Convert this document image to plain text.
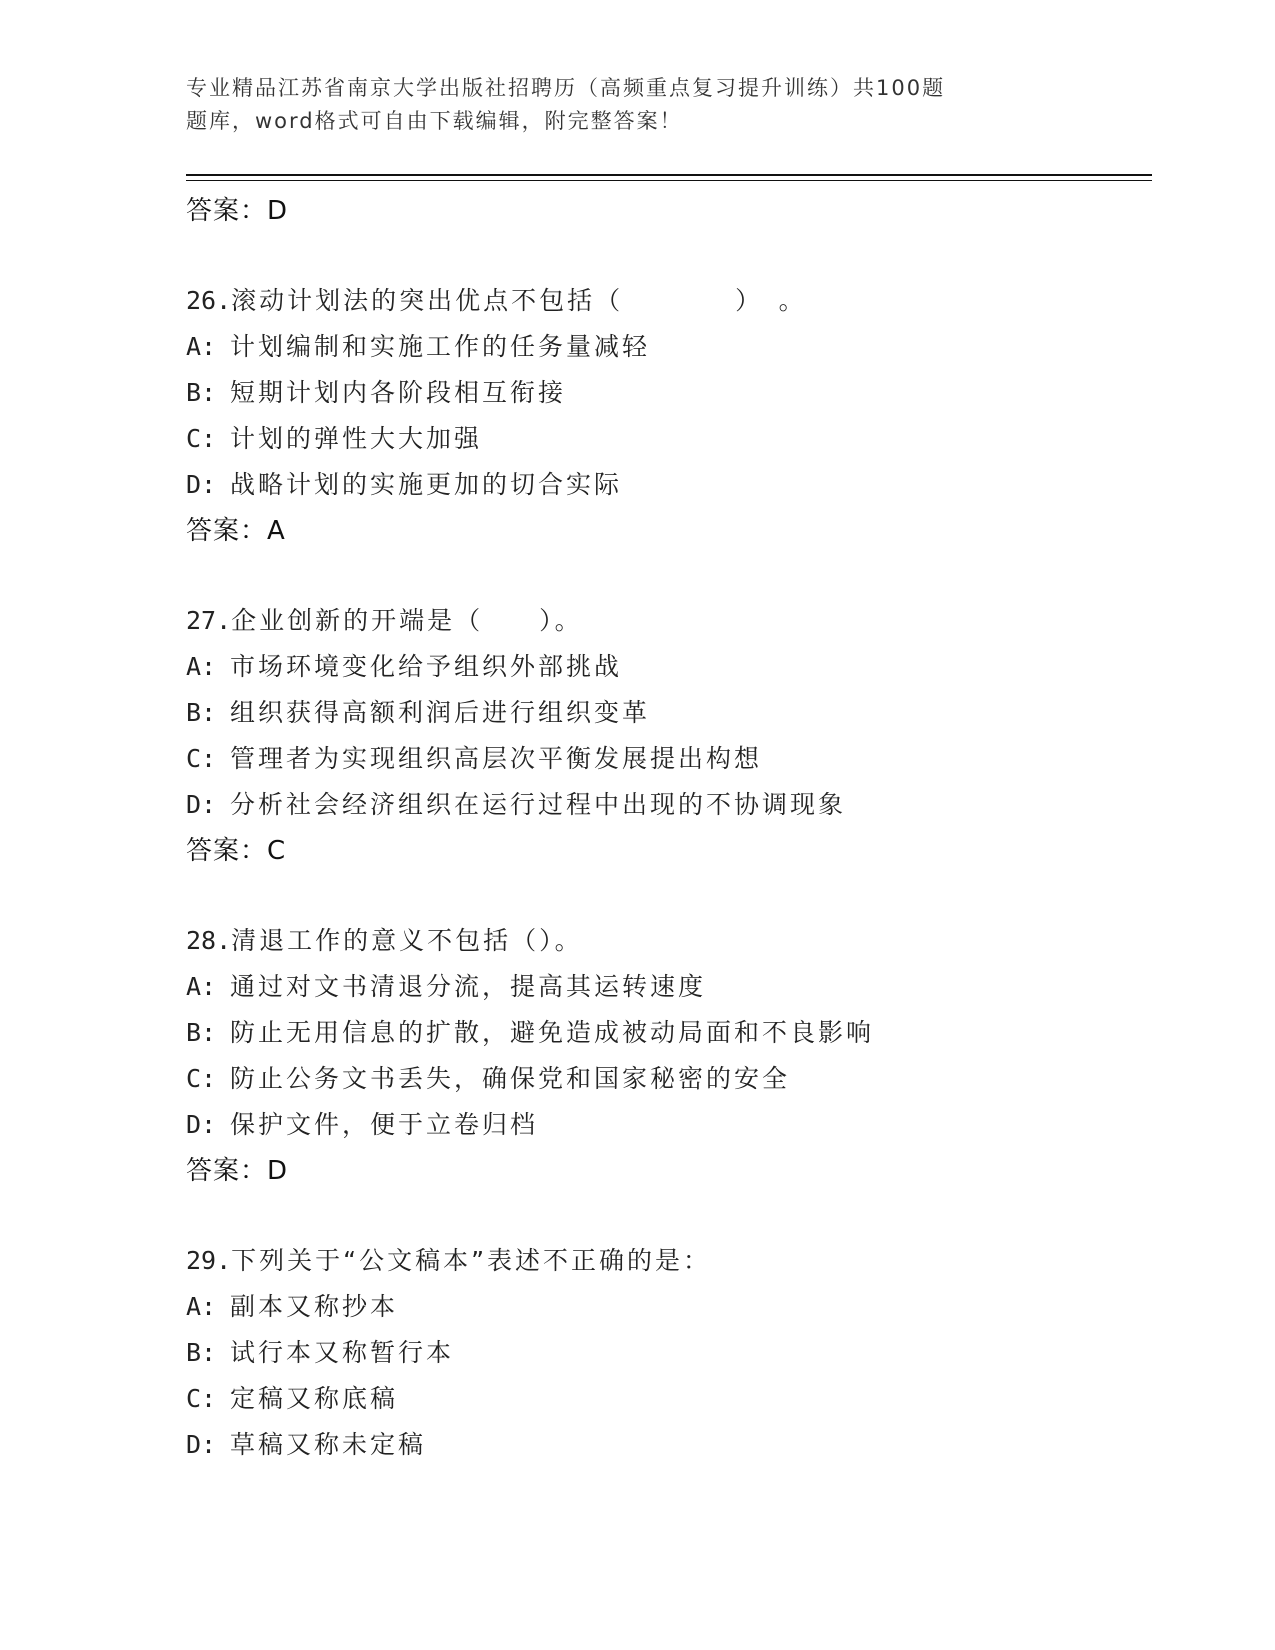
专业精品江苏省南京大学出版社招聘历（高频重点复习提升训练）共100题
题库，word格式可自由下载编辑，附完整答案！
答案：D
26.滚动计划法的突出优点不包括（　　　　）　。
A: 计划编制和实施工作的任务量减轻
B: 短期计划内各阶段相互衔接
C: 计划的弹性大大加强
D: 战略计划的实施更加的切合实际
答案：A
27.企业创新的开端是（　　）。
A: 市场环境变化给予组织外部挑战
B: 组织获得高额利润后进行组织变革
C: 管理者为实现组织高层次平衡发展提出构想
D: 分析社会经济组织在运行过程中出现的不协调现象
答案：C
28.清退工作的意义不包括（）。
A: 通过对文书清退分流，提高其运转速度
B: 防止无用信息的扩散，避免造成被动局面和不良影响
C: 防止公务文书丢失，确保党和国家秘密的安全
D: 保护文件，便于立卷归档
答案：D
29.下列关于“公文稿本”表述不正确的是：
A: 副本又称抄本
B: 试行本又称暂行本
C: 定稿又称底稿
D: 草稿又称未定稿
